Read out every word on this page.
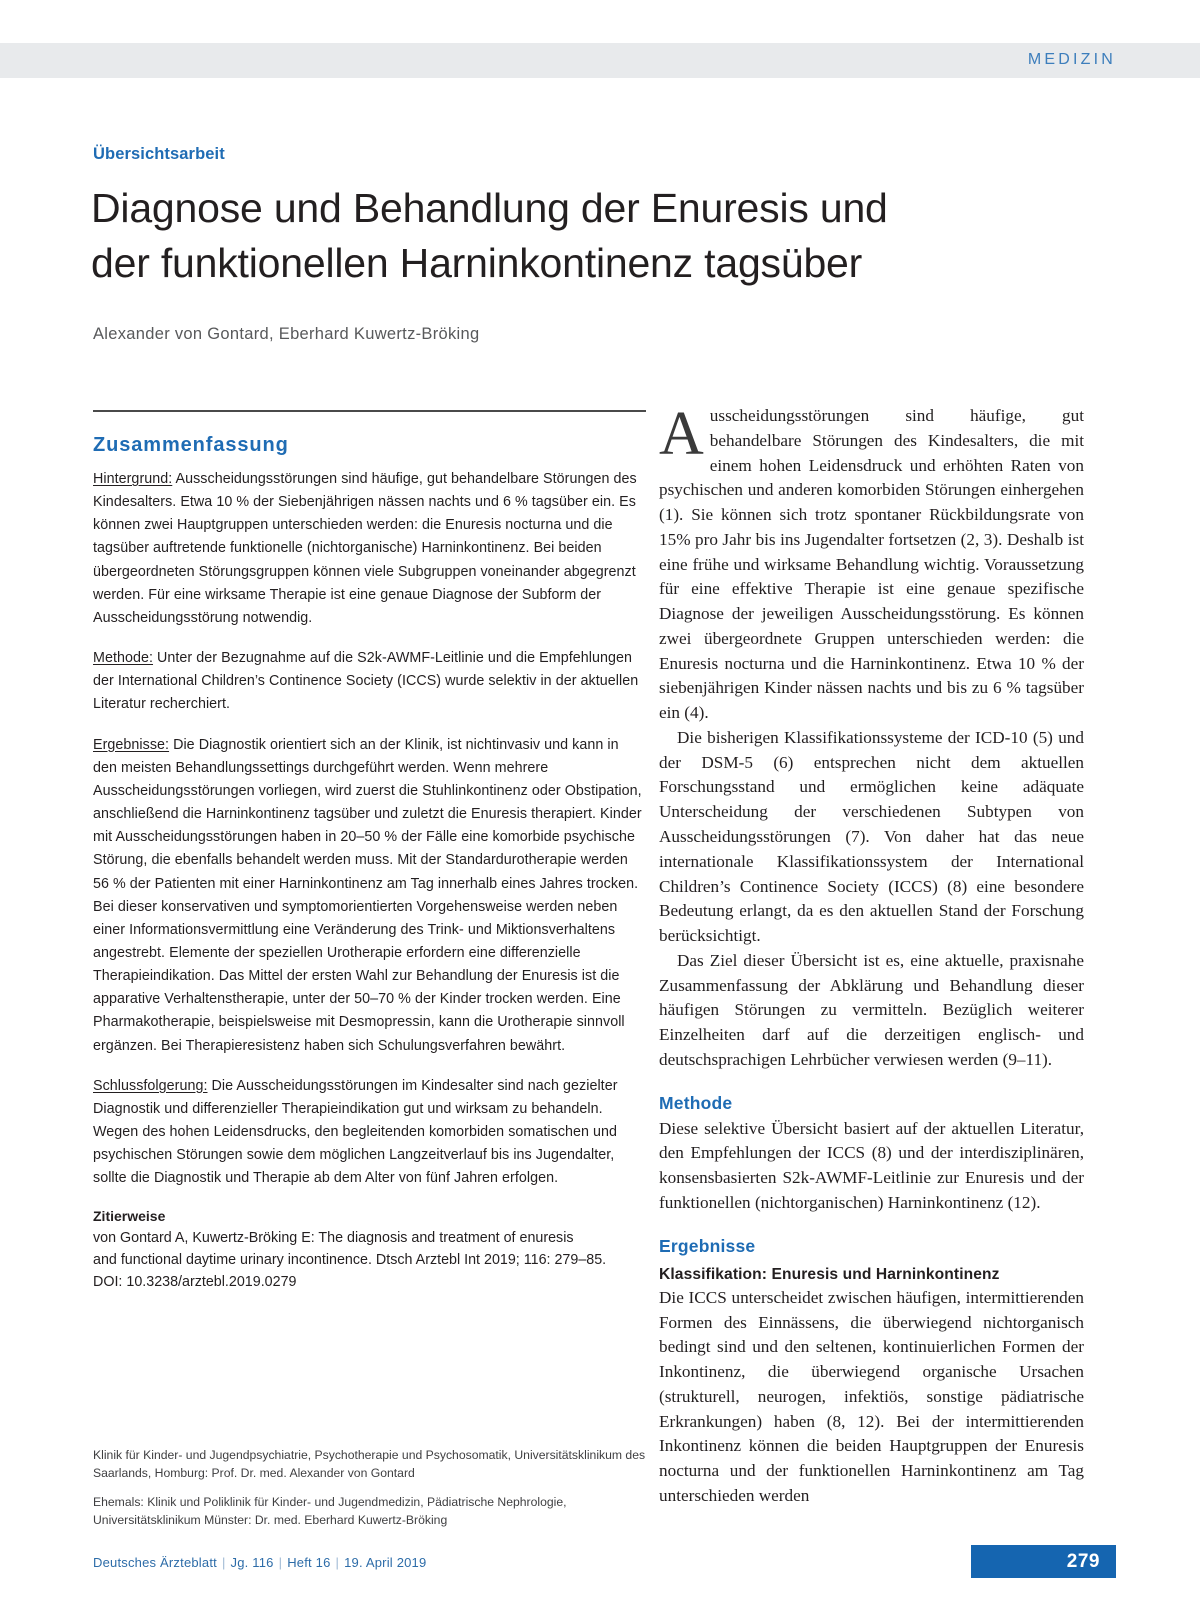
MEDIZIN
Übersichtsarbeit
Diagnose und Behandlung der Enuresis und
der funktionellen Harninkontinenz tagsüber
Alexander von Gontard, Eberhard Kuwertz-Bröking
Zusammenfassung

Hintergrund: Ausscheidungsstörungen sind häufige, gut behandelbare Störungen des Kindesalters. Etwa 10 % der Siebenjährigen nässen nachts und 6 % tagsüber ein. Es können zwei Hauptgruppen unterschieden werden: die Enuresis nocturna und die tagsüber auftretende funktionelle (nichtorganische) Harninkontinenz. Bei beiden übergeordneten Störungsgruppen können viele Subgruppen voneinander abgegrenzt werden. Für eine wirksame Therapie ist eine genaue Diagnose der Subform der Ausscheidungsstörung notwendig.

Methode: Unter der Bezugnahme auf die S2k-AWMF-Leitlinie und die Empfehlungen der International Children’s Continence Society (ICCS) wurde selektiv in der aktuellen Literatur recherchiert.

Ergebnisse: Die Diagnostik orientiert sich an der Klinik, ist nichtinvasiv und kann in den meisten Behandlungssettings durchgeführt werden. Wenn mehrere Ausscheidungsstörungen vorliegen, wird zuerst die Stuhlinkontinenz oder Obstipation, anschließend die Harninkontinenz tagsüber und zuletzt die Enuresis therapiert. Kinder mit Ausscheidungsstörungen haben in 20–50 % der Fälle eine komorbide psychische Störung, die ebenfalls behandelt werden muss. Mit der Standardurotherapie werden 56 % der Patienten mit einer Harninkontinenz am Tag innerhalb eines Jahres trocken. Bei dieser konservativen und symptomorientierten Vorgehensweise werden neben einer Informationsvermittlung eine Veränderung des Trink- und Miktionsverhaltens angestrebt. Elemente der speziellen Urotherapie erfordern eine differenzielle Therapieindikation. Das Mittel der ersten Wahl zur Behandlung der Enuresis ist die apparative Verhaltenstherapie, unter der 50–70 % der Kinder trocken werden. Eine Pharmakotherapie, beispielsweise mit Desmopressin, kann die Urotherapie sinnvoll ergänzen. Bei Therapieresistenz haben sich Schulungsverfahren bewährt.

Schlussfolgerung: Die Ausscheidungsstörungen im Kindesalter sind nach gezielter Diagnostik und differenzieller Therapieindikation gut und wirksam zu behandeln. Wegen des hohen Leidensdrucks, den begleitenden komorbiden somatischen und psychischen Störungen sowie dem möglichen Langzeitverlauf bis ins Jugendalter, sollte die Diagnostik und Therapie ab dem Alter von fünf Jahren erfolgen.

Zitierweise

von Gontard A, Kuwertz-Bröking E: The diagnosis and treatment of enuresis
and functional daytime urinary incontinence. Dtsch Arztebl Int 2019; 116: 279–85.
DOI: 10.3238/arztebl.2019.0279

A usscheidungsstörungen sind häufige, gut behandelbare Störungen des Kindesalters, die mit einem hohen Leidensdruck und erhöhten Raten von psychischen und anderen komorbiden Störungen einhergehen (1). Sie können sich trotz spontaner Rückbildungsrate von 15% pro Jahr bis ins Jugendalter fortsetzen (2, 3). Deshalb ist eine frühe und wirksame Behandlung wichtig. Voraussetzung für eine effektive Therapie ist eine genaue spezifische Diagnose der jeweiligen Ausscheidungsstörung. Es können zwei übergeordnete Gruppen unterschieden werden: die Enuresis nocturna und die Harninkontinenz. Etwa 10 % der siebenjährigen Kinder nässen nachts und bis zu 6 % tagsüber ein (4).

Die bisherigen Klassifikationssysteme der ICD-10 (5) und der DSM-5 (6) entsprechen nicht dem aktuellen Forschungsstand und ermöglichen keine adäquate Unterscheidung der verschiedenen Subtypen von Ausscheidungsstörungen (7). Von daher hat das neue internationale Klassifikationssystem der International Children’s Continence Society (ICCS) (8) eine besondere Bedeutung erlangt, da es den aktuellen Stand der Forschung berücksichtigt.

Das Ziel dieser Übersicht ist es, eine aktuelle, praxisnahe Zusammenfassung der Abklärung und Behandlung dieser häufigen Störungen zu vermitteln. Bezüglich weiterer Einzelheiten darf auf die derzeitigen englisch- und deutschsprachigen Lehrbücher verwiesen werden (9–11).

Methode

Diese selektive Übersicht basiert auf der aktuellen Literatur, den Empfehlungen der ICCS (8) und der interdisziplinären, konsensbasierten S2k-AWMF-Leitlinie zur Enuresis und der funktionellen (nichtorganischen) Harninkontinenz (12).

Ergebnisse
Klassifikation: Enuresis und Harninkontinenz

Die ICCS unterscheidet zwischen häufigen, intermittierenden Formen des Einnässens, die überwiegend nichtorganisch bedingt sind und den seltenen, kontinuierlichen Formen der Inkontinenz, die überwiegend organische Ursachen (strukturell, neurogen, infektiös, sonstige pädiatrische Erkrankungen) haben (8, 12). Bei der intermittierenden Inkontinenz können die beiden Hauptgruppen der Enuresis nocturna und der funktionellen Harninkontinenz am Tag unterschieden werden

Klinik für Kinder- und Jugendpsychiatrie, Psychotherapie und Psychosomatik, Universitätsklinikum des Saarlands, Homburg: Prof. Dr. med. Alexander von Gontard

Ehemals: Klinik und Poliklinik für Kinder- und Jugendmedizin, Pädiatrische Nephrologie, Universitätsklinikum Münster: Dr. med. Eberhard Kuwertz-Bröking

Deutsches Ärzteblatt | Jg. 116 | Heft 16 | 19. April 2019	279
